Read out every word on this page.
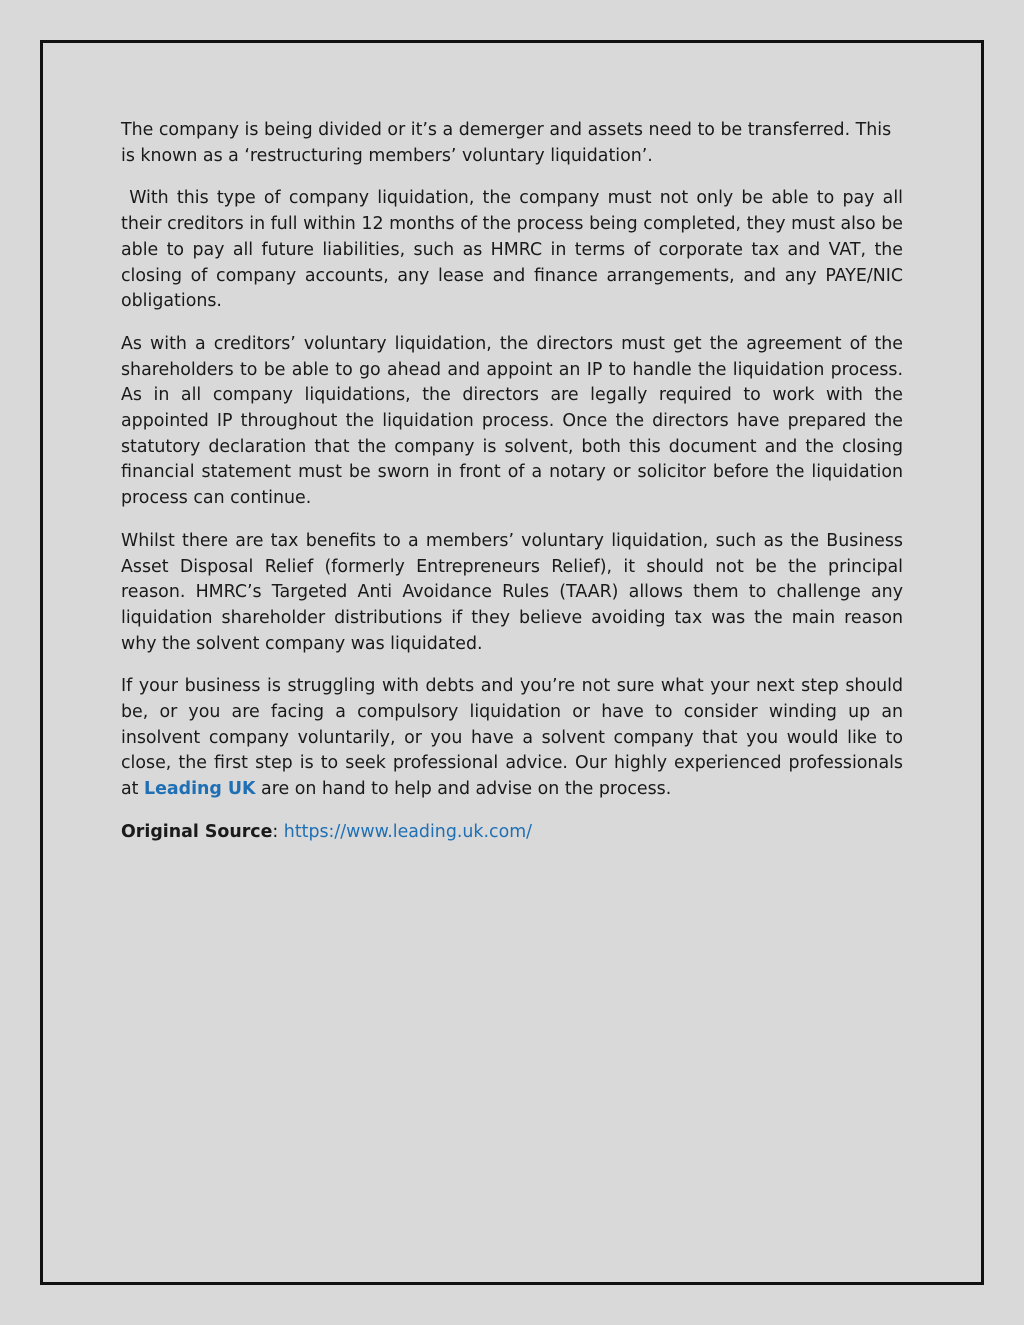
The company is being divided or it’s a demerger and assets need to be transferred. This is known as a ‘restructuring members’ voluntary liquidation’.

With this type of company liquidation, the company must not only be able to pay all their creditors in full within 12 months of the process being completed, they must also be able to pay all future liabilities, such as HMRC in terms of corporate tax and VAT, the closing of company accounts, any lease and finance arrangements, and any PAYE/NIC obligations.

As with a creditors’ voluntary liquidation, the directors must get the agreement of the shareholders to be able to go ahead and appoint an IP to handle the liquidation process. As in all company liquidations, the directors are legally required to work with the appointed IP throughout the liquidation process. Once the directors have prepared the statutory declaration that the company is solvent, both this document and the closing financial statement must be sworn in front of a notary or solicitor before the liquidation process can continue.

Whilst there are tax benefits to a members’ voluntary liquidation, such as the Business Asset Disposal Relief (formerly Entrepreneurs Relief), it should not be the principal reason. HMRC’s Targeted Anti Avoidance Rules (TAAR) allows them to challenge any liquidation shareholder distributions if they believe avoiding tax was the main reason why the solvent company was liquidated.

If your business is struggling with debts and you’re not sure what your next step should be, or you are facing a compulsory liquidation or have to consider winding up an insolvent company voluntarily, or you have a solvent company that you would like to close, the first step is to seek professional advice. Our highly experienced professionals at Leading UK are on hand to help and advise on the process.

Original Source: https://www.leading.uk.com/
